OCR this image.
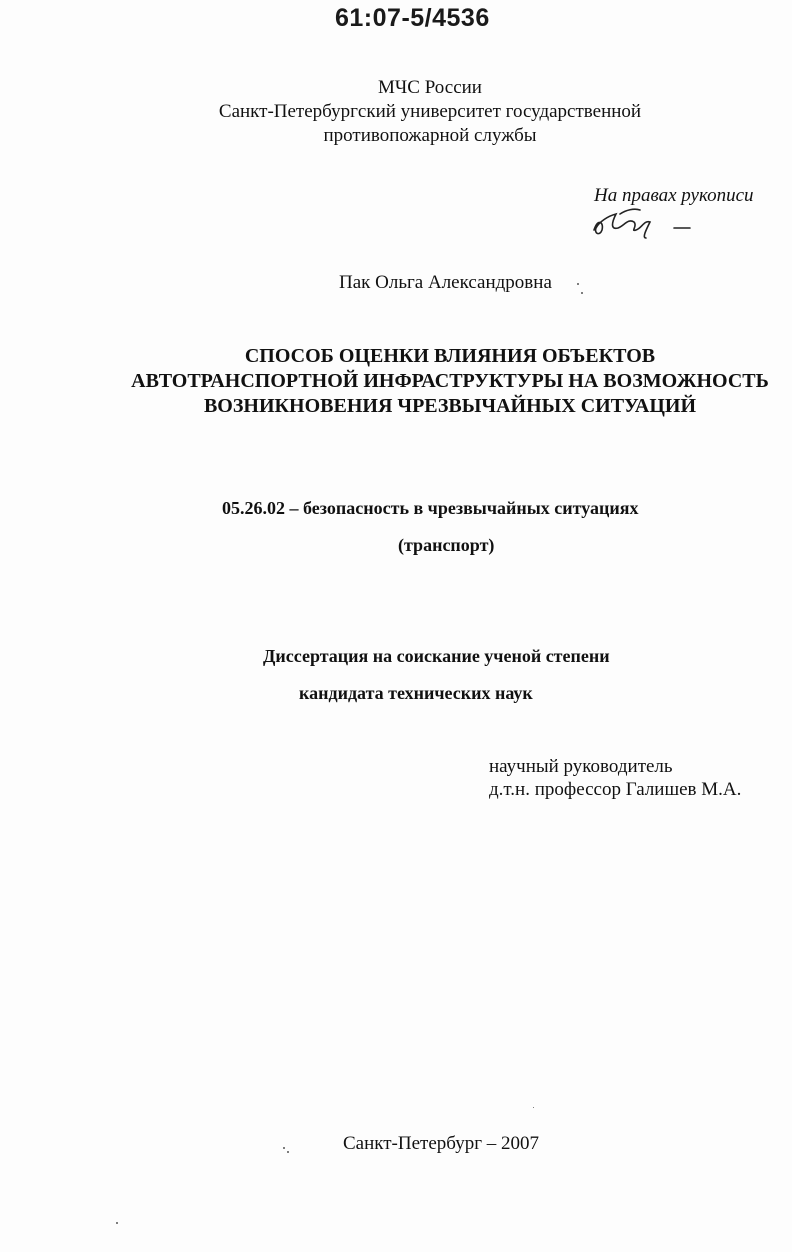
61:07-5/4536
МЧС России
Санкт-Петербургский университет государственной
противопожарной службы
На правах рукописи
Пак Ольга Александровна
СПОСОБ ОЦЕНКИ ВЛИЯНИЯ ОБЪЕКТОВ
АВТОТРАНСПОРТНОЙ ИНФРАСТРУКТУРЫ НА ВОЗМОЖНОСТЬ
ВОЗНИКНОВЕНИЯ ЧРЕЗВЫЧАЙНЫХ СИТУАЦИЙ
05.26.02 – безопасность в чрезвычайных ситуациях
(транспорт)
Диссертация на соискание ученой степени
кандидата технических наук
научный руководитель
д.т.н. профессор Галишев М.А.
Санкт-Петербург – 2007
